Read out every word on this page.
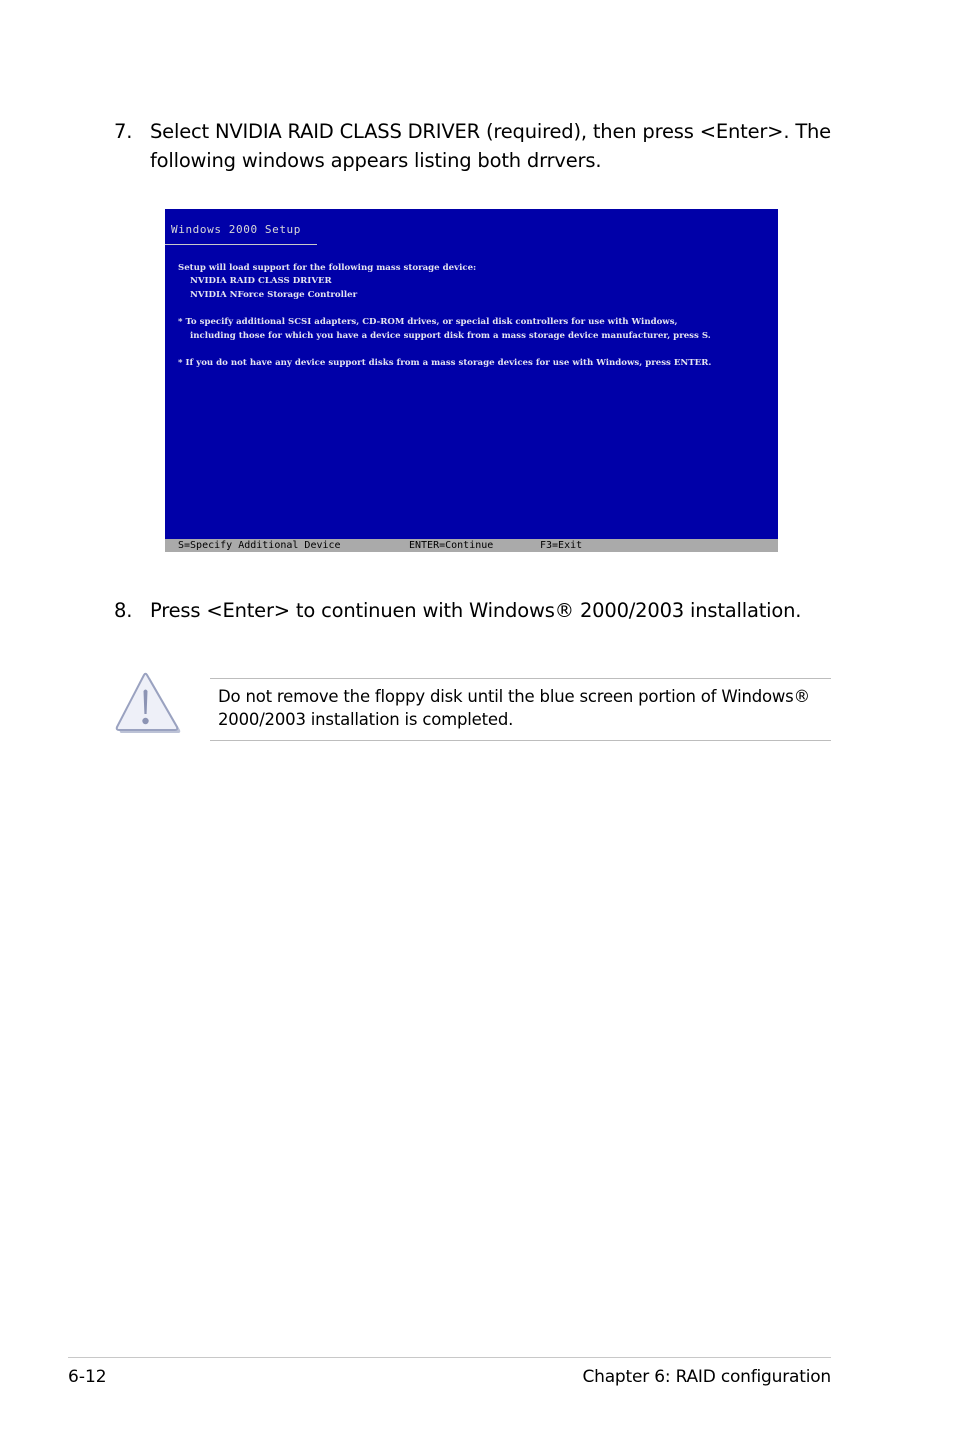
7. Select NVIDIA RAID CLASS DRIVER (required), then press <Enter>. The
following windows appears listing both drrvers.
Windows 2000 Setup
Setup will load support for the following mass storage device:
NVIDIA RAID CLASS DRIVER
NVIDIA NForce Storage Controller
* To specify additional SCSI adapters, CD-ROM drives, or special disk controllers for use with Windows,
including those for which you have a device support disk from a mass storage device manufacturer, press S.
* If you do not have any device support disks from a mass storage devices for use with Windows, press ENTER.
S=Specify Additional Device	ENTER=Continue	F3=Exit
8. Press <Enter> to continuen with Windows® 2000/2003 installation.
Do not remove the floppy disk until the blue screen portion of Windows®
2000/2003 installation is completed.
6-12	Chapter 6: RAID configuration
